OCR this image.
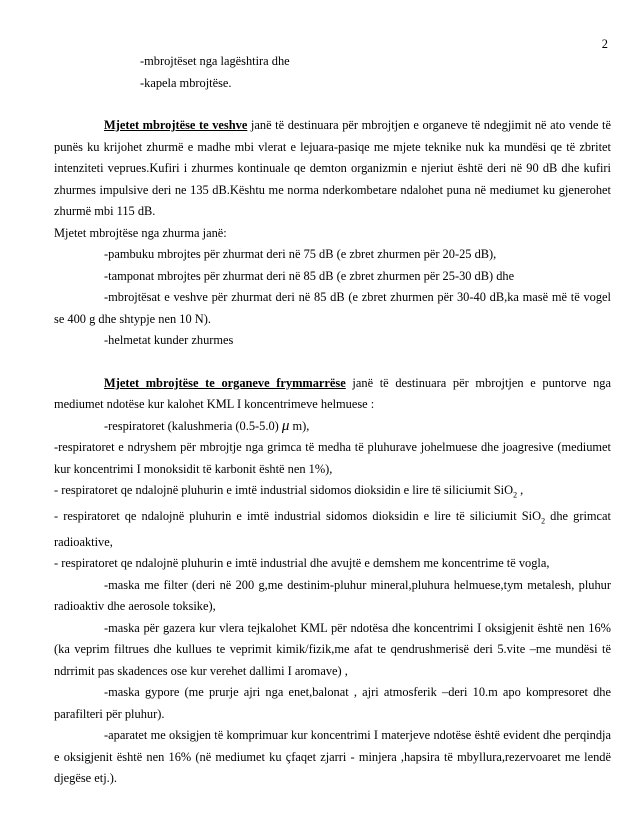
2

-mbrojtëset nga lagështira dhe

-kapela mbrojtëse.

Mjetet mbrojtëse te veshve janë të destinuara për mbrojtjen e organeve të ndegjimit në ato vende të punës ku krijohet zhurmë e madhe mbi vlerat e lejuara-pasiqe me mjete teknike nuk ka mundësi qe të zbritet intenziteti veprues.Kufiri i zhurmes kontinuale qe demton organizmin e njeriut është deri në 90 dB dhe kufiri zhurmes impulsive deri ne 135 dB.Kështu me norma nderkombetare ndalohet puna në mediumet ku gjenerohet zhurmë mbi 115 dB.

Mjetet mbrojtëse nga zhurma janë:

-pambuku mbrojtes për zhurmat deri në 75 dB (e zbret zhurmen për 20-25 dB),

-tamponat mbrojtes për zhurmat deri në 85 dB (e zbret zhurmen për 25-30 dB) dhe

-mbrojtësat e veshve për zhurmat deri në 85 dB (e zbret zhurmen për 30-40 dB,ka masë më të vogel se 400 g dhe shtypje nen 10 N).

-helmetat kunder zhurmes

Mjetet mbrojtëse te organeve frymmarrëse janë të destinuara për mbrojtjen e puntorve nga mediumet ndotëse kur kalohet KML I koncentrimeve helmuese :

-respiratoret (kalushmeria (0.5-5.0) μ m),

-respiratoret e ndryshem për mbrojtje nga grimca të medha të pluhurave johelmuese dhe joagresive (mediumet kur koncentrimi I monoksidit të karbonit është nen 1%),

- respiratoret qe ndalojnë pluhurin e imtë industrial sidomos dioksidin e lire të siliciumit SiO$_2$ ,

- respiratoret qe ndalojnë pluhurin e imtë industrial sidomos dioksidin e lire të siliciumit SiO$_2$ dhe grimcat radioaktive,

- respiratoret qe ndalojnë pluhurin e imtë industrial dhe avujtë e demshem me koncentrime të vogla,

-maska me filter (deri në 200 g,me destinim-pluhur mineral,pluhura helmuese,tym metalesh, pluhur radioaktiv dhe aerosole toksike),

-maska për gazera kur vlera tejkalohet KML për ndotësa dhe koncentrimi I oksigjenit është nen 16% (ka veprim filtrues dhe kullues te veprimit kimik/fizik,me afat te qendrushmerisë deri 5.vite –me mundësi të ndrrimit pas skadences ose kur verehet dallimi I aromave) ,

-maska gypore (me prurje ajri nga enet,balonat , ajri atmosferik –deri 10.m apo kompresoret dhe parafilteri për pluhur).

-aparatet me oksigjen të komprimuar kur koncentrimi I materjeve ndotëse është evident dhe perqindja e oksigjenit është nen 16% (në mediumet ku çfaqet zjarri - minjera ,hapsira të mbyllura,rezervoaret me lendë djegëse etj.).
